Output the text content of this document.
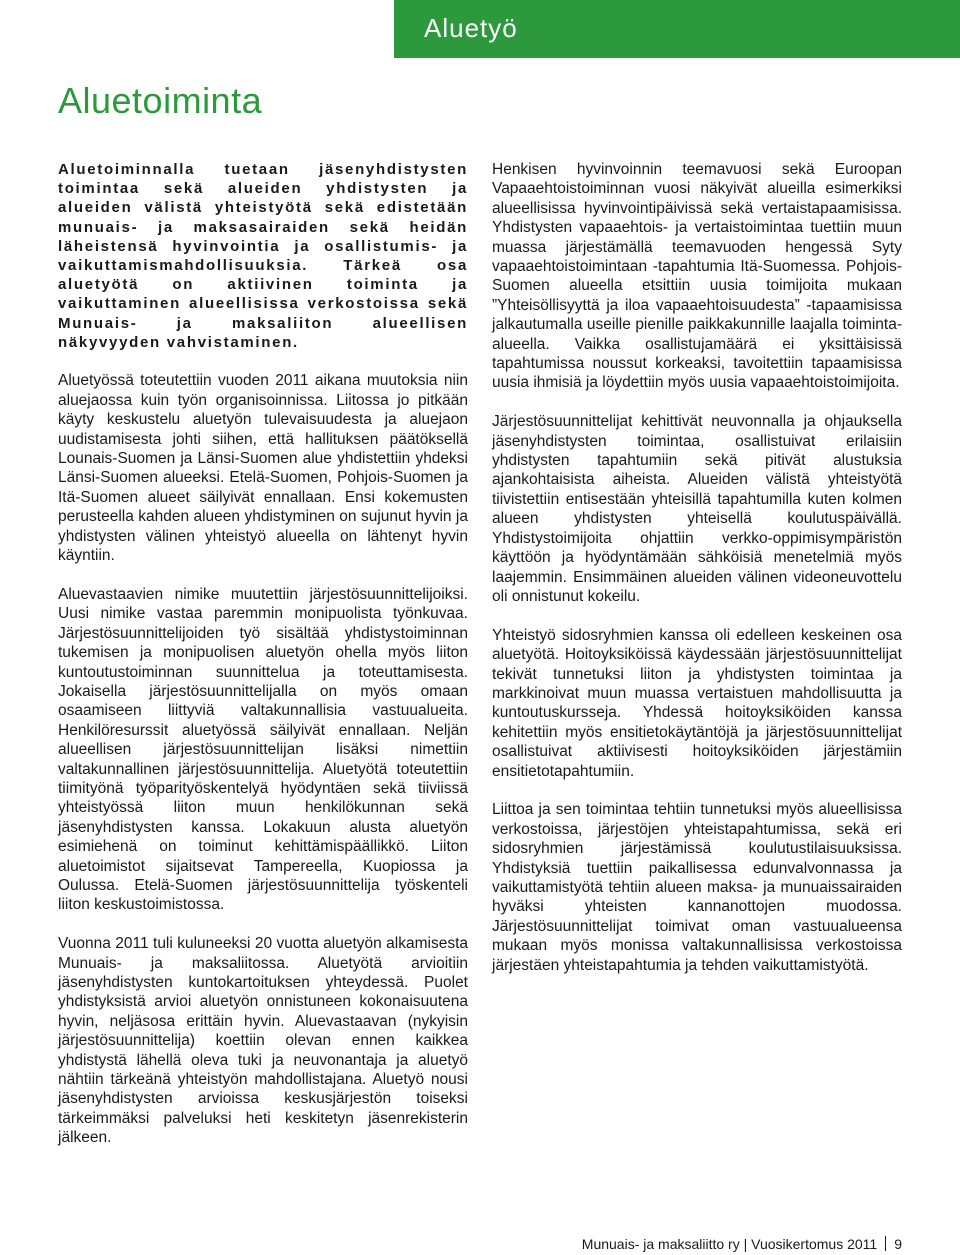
Aluetyö
Aluetoiminta

Aluetoiminnalla tuetaan jäsenyhdistysten toimintaa sekä alueiden yhdistysten ja alueiden välistä yhteistyötä sekä edistetään munuais- ja maksasairaiden sekä heidän läheistensä hyvinvointia ja osallistumis- ja vaikuttamismahdollisuuksia. Tärkeä osa aluetyötä on aktiivinen toiminta ja vaikuttaminen alueellisissa verkostoissa sekä Munuais- ja maksaliiton alueellisen näkyvyyden vahvistaminen.

Aluetyössä toteutettiin vuoden 2011 aikana muutoksia niin aluejaossa kuin työn organisoinnissa. Liitossa jo pitkään käyty keskustelu aluetyön tulevaisuudesta ja aluejaon uudistamisesta johti siihen, että hallituksen päätöksellä Lounais-Suomen ja Länsi-Suomen alue yhdistettiin yhdeksi Länsi-Suomen alueeksi. Etelä-Suomen, Pohjois-Suomen ja Itä-Suomen alueet säilyivät ennallaan. Ensi kokemusten perusteella kahden alueen yhdistyminen on sujunut hyvin ja yhdistysten välinen yhteistyö alueella on lähtenyt hyvin käyntiin.

Aluevastaavien nimike muutettiin järjestösuunnittelijoiksi. Uusi nimike vastaa paremmin monipuolista työnkuvaa. Järjestösuunnittelijoiden työ sisältää yhdistystoiminnan tukemisen ja monipuolisen aluetyön ohella myös liiton kuntoutustoiminnan suunnittelua ja toteuttamisesta. Jokaisella järjestösuunnittelijalla on myös omaan osaamiseen liittyviä valtakunnallisia vastuualueita. Henkilöresurssit aluetyössä säilyivät ennallaan. Neljän alueellisen järjestösuunnittelijan lisäksi nimettiin valtakunnallinen järjestösuunnittelija. Aluetyötä toteutettiin tiimityönä työparityöskentelyä hyödyntäen sekä tiiviissä yhteistyössä liiton muun henkilökunnan sekä jäsenyhdistysten kanssa. Lokakuun alusta aluetyön esimiehenä on toiminut kehittämispäällikkö. Liiton aluetoimistot sijaitsevat Tampereella, Kuopiossa ja Oulussa. Etelä-Suomen järjestösuunnittelija työskenteli liiton keskustoimistossa.

Vuonna 2011 tuli kuluneeksi 20 vuotta aluetyön alkamisesta Munuais- ja maksaliitossa. Aluetyötä arvioitiin jäsenyhdistysten kuntokartoituksen yhteydessä. Puolet yhdistyksistä arvioi aluetyön onnistuneen kokonaisuutena hyvin, neljäsosa erittäin hyvin. Aluevastaavan (nykyisin järjestösuunnittelija) koettiin olevan ennen kaikkea yhdistystä lähellä oleva tuki ja neuvonantaja ja aluetyö nähtiin tärkeänä yhteistyön mahdollistajana. Aluetyö nousi jäsenyhdistysten arvioissa keskusjärjestön toiseksi tärkeimmäksi palveluksi heti keskitetyn jäsenrekisterin jälkeen.

Henkisen hyvinvoinnin teemavuosi sekä Euroopan Vapaaehtoistoiminnan vuosi näkyivät alueilla esimerkiksi alueellisissa hyvinvointipäivissä sekä vertaistapaamisissa. Yhdistysten vapaaehtois- ja vertaistoimintaa tuettiin muun muassa järjestämällä teemavuoden hengessä Syty vapaaehtoistoimintaan -tapahtumia Itä-Suomessa. Pohjois-Suomen alueella etsittiin uusia toimijoita mukaan ”Yhteisöllisyyttä ja iloa vapaaehtoisuudesta” -tapaamisissa jalkautumalla useille pienille paikkakunnille laajalla toiminta-alueella. Vaikka osallistujamäärä ei yksittäisissä tapahtumissa noussut korkeaksi, tavoitettiin tapaamisissa uusia ihmisiä ja löydettiin myös uusia vapaaehtoistoimijoita.

Järjestösuunnittelijat kehittivät neuvonnalla ja ohjauksella jäsenyhdistysten toimintaa, osallistuivat erilaisiin yhdistysten tapahtumiin sekä pitivät alustuksia ajankohtaisista aiheista. Alueiden välistä yhteistyötä tiivistettiin entisestään yhteisillä tapahtumilla kuten kolmen alueen yhdistysten yhteisellä koulutuspäivällä. Yhdistystoimijoita ohjattiin verkko-oppimisympäristön käyttöön ja hyödyntämään sähköisiä menetelmiä myös laajemmin. Ensimmäinen alueiden välinen videoneuvottelu oli onnistunut kokeilu.

Yhteistyö sidosryhmien kanssa oli edelleen keskeinen osa aluetyötä. Hoitoyksiköissä käydessään järjestösuunnittelijat tekivät tunnetuksi liiton ja yhdistysten toimintaa ja markkinoivat muun muassa vertaistuen mahdollisuutta ja kuntoutuskursseja. Yhdessä hoitoyksiköiden kanssa kehitettiin myös ensitietokäytäntöjä ja järjestösuunnittelijat osallistuivat aktiivisesti hoitoyksiköiden järjestämiin ensitietotapahtumiin.

Liittoa ja sen toimintaa tehtiin tunnetuksi myös alueellisissa verkostoissa, järjestöjen yhteistapahtumissa, sekä eri sidosryhmien järjestämissä koulutustilaisuuksissa. Yhdistyksiä tuettiin paikallisessa edunvalvonnassa ja vaikuttamistyötä tehtiin alueen maksa- ja munuaissairaiden hyväksi yhteisten kannanottojen muodossa. Järjestösuunnittelijat toimivat oman vastuualueensa mukaan myös monissa valtakunnallisissa verkostoissa järjestäen yhteistapahtumia ja tehden vaikuttamistyötä.

Munuais- ja maksaliitto ry | Vuosikertomus 2011 9
